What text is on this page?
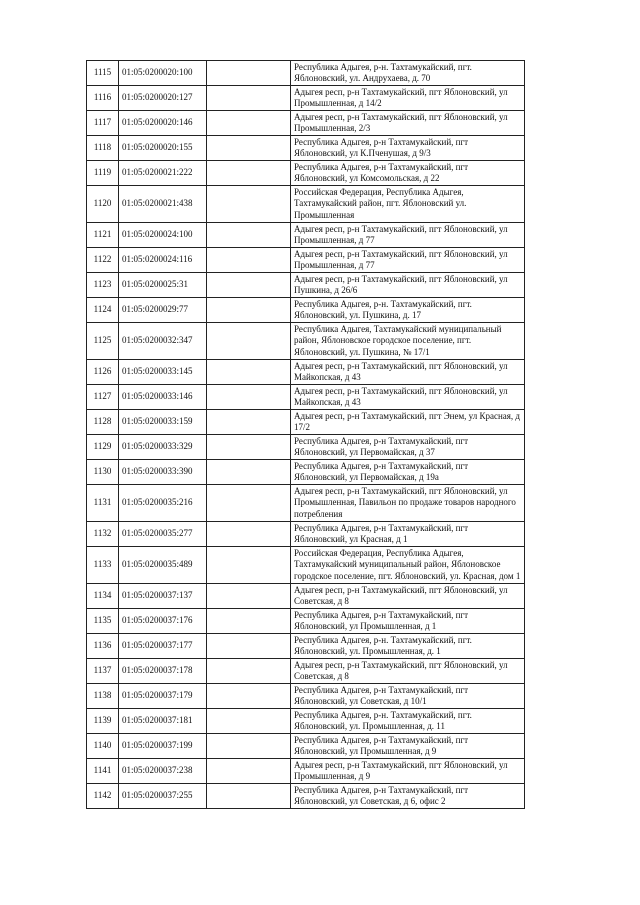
1115	01:05:0200020:100		Республика Адыгея, р-н. Тахтамукайский, пгт. Яблоновский, ул. Андрухаева, д. 70
1116	01:05:0200020:127		Адыгея респ, р-н Тахтамукайский, пгт Яблоновский, ул Промышленная, д 14/2
1117	01:05:0200020:146		Адыгея респ, р-н Тахтамукайский, пгт Яблоновский, ул Промышленная, 2/3
1118	01:05:0200020:155		Республика Адыгея, р-н Тахтамукайский, пгт Яблоновский, ул К.Пченушая, д 9/3
1119	01:05:0200021:222		Республика Адыгея, р-н Тахтамукайский, пгт Яблоновский, ул Комсомольская, д 22
1120	01:05:0200021:438		Российская Федерация, Республика Адыгея, Тахтамукайский район, пгт. Яблоновский ул. Промышленная
1121	01:05:0200024:100		Адыгея респ, р-н Тахтамукайский, пгт Яблоновский, ул Промышленная, д 77
1122	01:05:0200024:116		Адыгея респ, р-н Тахтамукайский, пгт Яблоновский, ул Промышленная, д 77
1123	01:05:0200025:31		Адыгея респ, р-н Тахтамукайский, пгт Яблоновский, ул Пушкина, д 26/6
1124	01:05:0200029:77		Республика Адыгея, р-н. Тахтамукайский, пгт. Яблоновский, ул. Пушкина, д. 17
1125	01:05:0200032:347		Республика Адыгея, Тахтамукайский муниципальный район, Яблоновское городское поселение, пгт. Яблоновский, ул. Пушкина, № 17/1
1126	01:05:0200033:145		Адыгея респ, р-н Тахтамукайский, пгт Яблоновский, ул Майкопская, д 43
1127	01:05:0200033:146		Адыгея респ, р-н Тахтамукайский, пгт Яблоновский, ул Майкопская, д 43
1128	01:05:0200033:159		Адыгея респ, р-н Тахтамукайский, пгт Энем, ул Красная, д 17/2
1129	01:05:0200033:329		Республика Адыгея, р-н Тахтамукайский, пгт Яблоновский, ул Первомайская, д 37
1130	01:05:0200033:390		Республика Адыгея, р-н Тахтамукайский, пгт Яблоновский, ул Первомайская, д 19а
1131	01:05:0200035:216		Адыгея респ, р-н Тахтамукайский, пгт Яблоновский, ул Промышленная, Павильон по продаже товаров народного потребления
1132	01:05:0200035:277		Республика Адыгея, р-н Тахтамукайский, пгт Яблоновский, ул Красная, д 1
1133	01:05:0200035:489		Российская Федерация, Республика Адыгея, Тахтамукайский муниципальный район, Яблоновское городское поселение, пгт. Яблоновский, ул. Красная, дом 1
1134	01:05:0200037:137		Адыгея респ, р-н Тахтамукайский, пгт Яблоновский, ул Советская, д 8
1135	01:05:0200037:176		Республика Адыгея, р-н Тахтамукайский, пгт Яблоновский, ул Промышленная, д 1
1136	01:05:0200037:177		Республика Адыгея, р-н. Тахтамукайский, пгт. Яблоновский, ул. Промышленная, д. 1
1137	01:05:0200037:178		Адыгея респ, р-н Тахтамукайский, пгт Яблоновский, ул Советская, д 8
1138	01:05:0200037:179		Республика Адыгея, р-н Тахтамукайский, пгт Яблоновский, ул Советская, д 10/1
1139	01:05:0200037:181		Республика Адыгея, р-н. Тахтамукайский, пгт. Яблоновский, ул. Промышленная, д. 11
1140	01:05:0200037:199		Республика Адыгея, р-н Тахтамукайский, пгт Яблоновский, ул Промышленная, д 9
1141	01:05:0200037:238		Адыгея респ, р-н Тахтамукайский, пгт Яблоновский, ул Промышленная, д 9
1142	01:05:0200037:255		Республика Адыгея, р-н Тахтамукайский, пгт Яблоновский, ул Советская, д 6, офис 2
